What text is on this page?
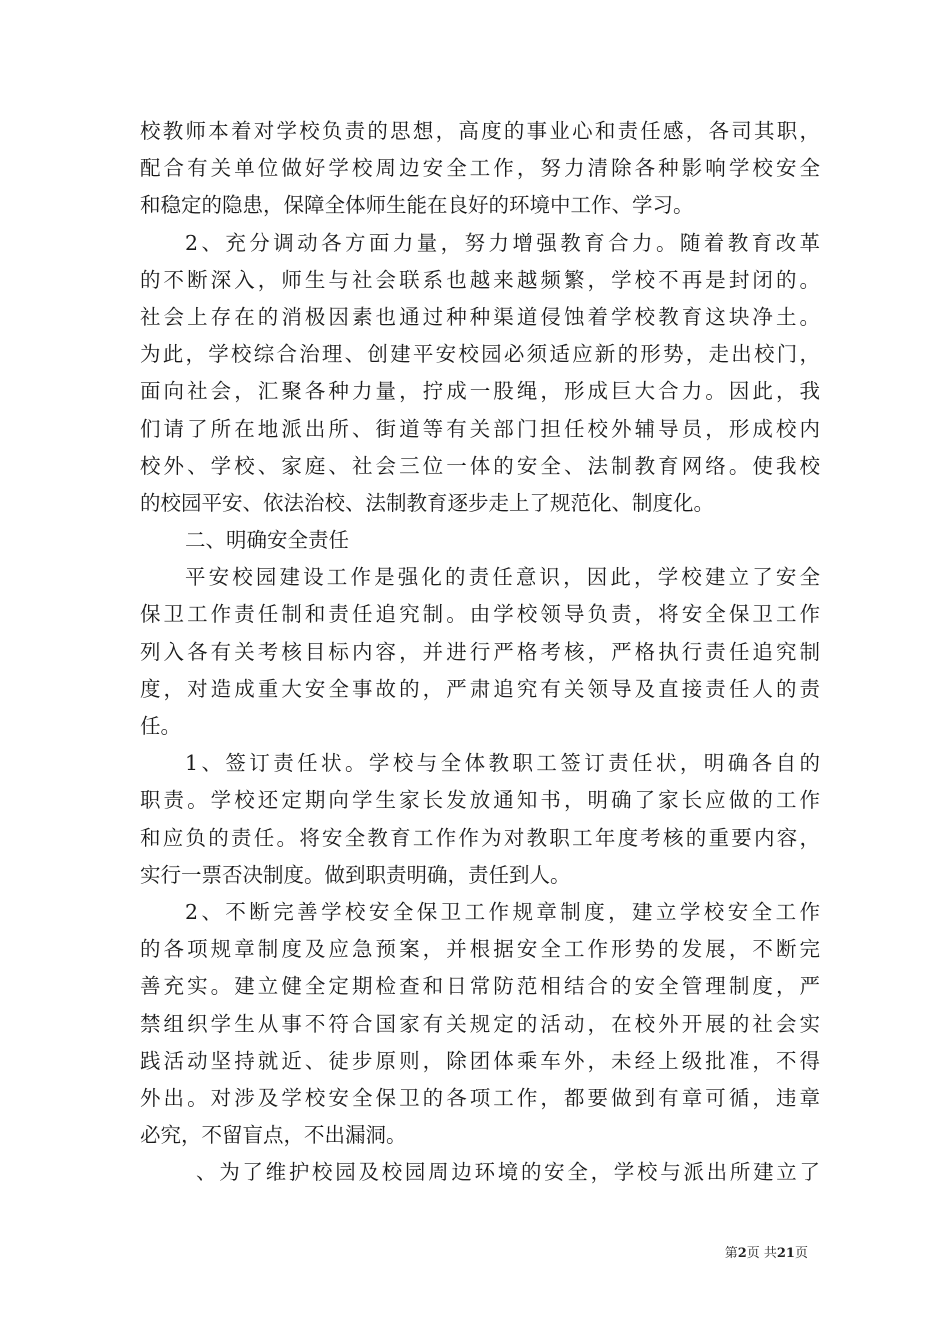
校教师本着对学校负责的思想，高度的事业心和责任感，各司其职，
配合有关单位做好学校周边安全工作，努力清除各种影响学校安全
和稳定的隐患，保障全体师生能在良好的环境中工作、学习。
2、充分调动各方面力量，努力增强教育合力。随着教育改革
的不断深入，师生与社会联系也越来越频繁，学校不再是封闭的。
社会上存在的消极因素也通过种种渠道侵蚀着学校教育这块净土。
为此，学校综合治理、创建平安校园必须适应新的形势，走出校门，
面向社会，汇聚各种力量，拧成一股绳，形成巨大合力。因此，我
们请了所在地派出所、街道等有关部门担任校外辅导员，形成校内
校外、学校、家庭、社会三位一体的安全、法制教育网络。使我校
的校园平安、依法治校、法制教育逐步走上了规范化、制度化。
二、明确安全责任
平安校园建设工作是强化的责任意识，因此，学校建立了安全
保卫工作责任制和责任追究制。由学校领导负责，将安全保卫工作
列入各有关考核目标内容，并进行严格考核，严格执行责任追究制
度，对造成重大安全事故的，严肃追究有关领导及直接责任人的责
任。
1、签订责任状。学校与全体教职工签订责任状，明确各自的
职责。学校还定期向学生家长发放通知书，明确了家长应做的工作
和应负的责任。将安全教育工作作为对教职工年度考核的重要内容，
实行一票否决制度。做到职责明确，责任到人。
2、不断完善学校安全保卫工作规章制度，建立学校安全工作
的各项规章制度及应急预案，并根据安全工作形势的发展，不断完
善充实。建立健全定期检查和日常防范相结合的安全管理制度，严
禁组织学生从事不符合国家有关规定的活动，在校外开展的社会实
践活动坚持就近、徒步原则，除团体乘车外，未经上级批准，不得
外出。对涉及学校安全保卫的各项工作，都要做到有章可循，违章
必究，不留盲点，不出漏洞。
、为了维护校园及校园周边环境的安全，学校与派出所建立了
第2页 共21页
